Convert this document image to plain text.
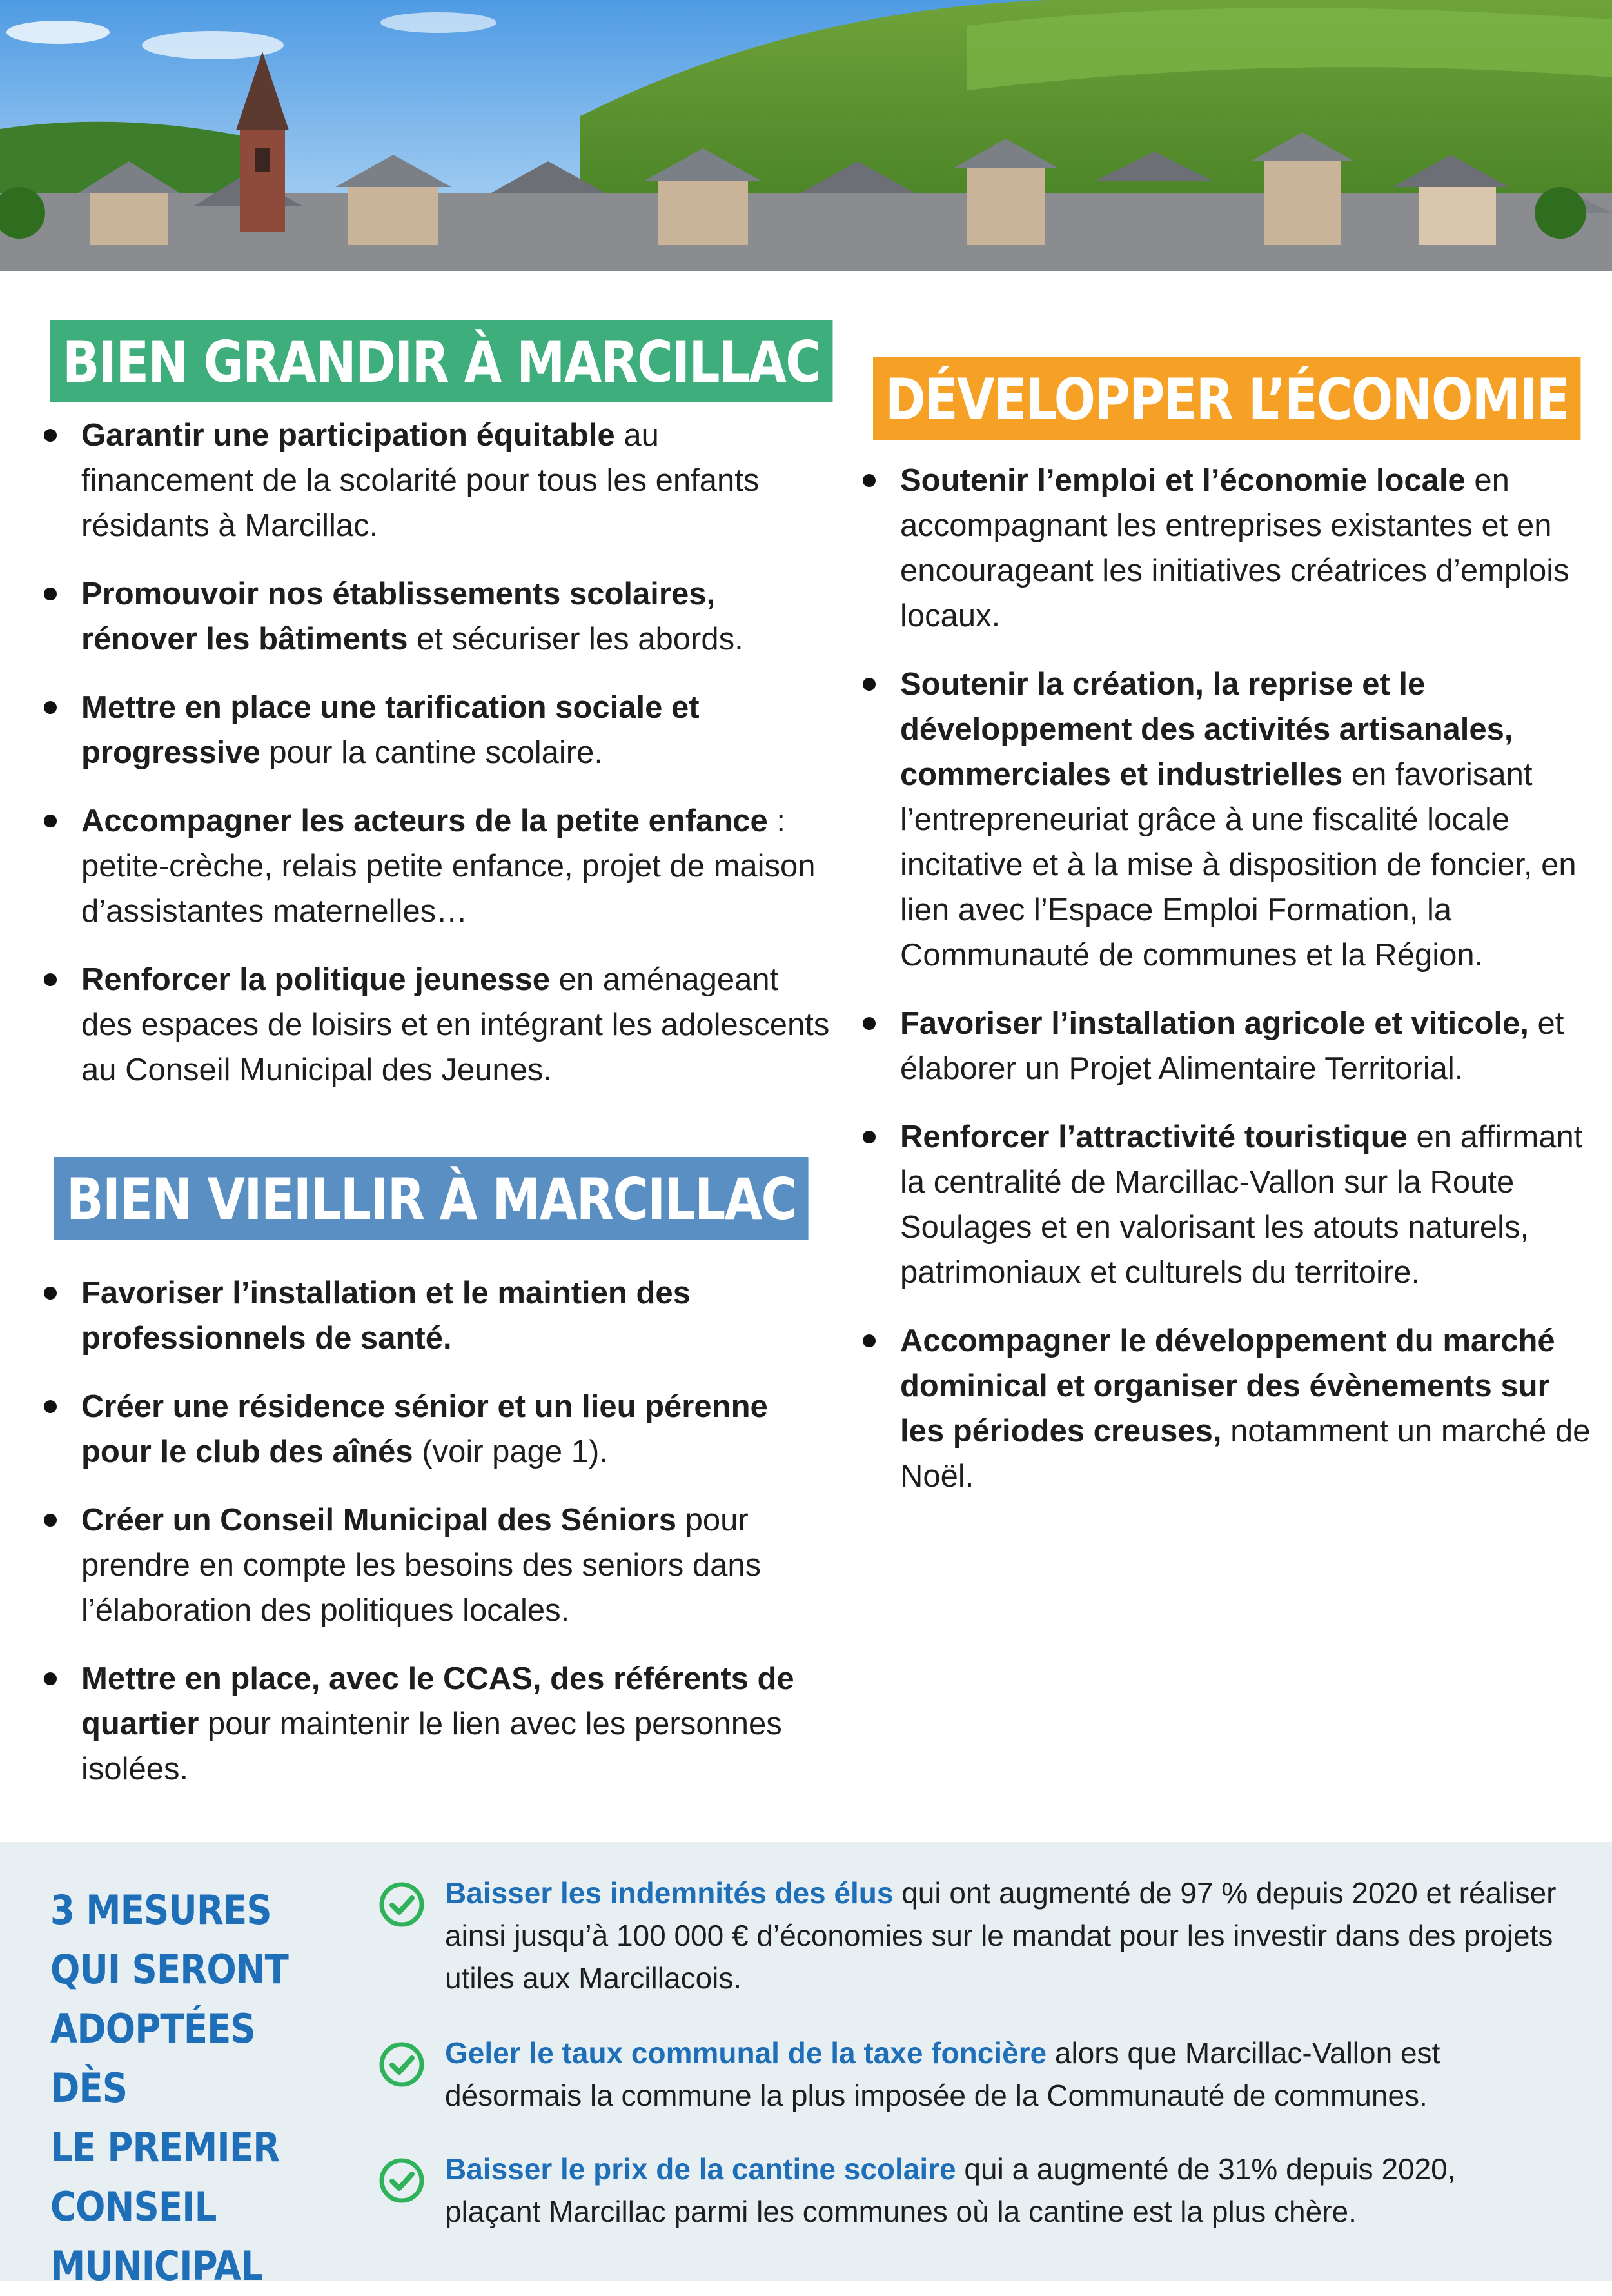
BIEN GRANDIR À MARCILLAC
Garantir une participation équitable au financement de la scolarité pour tous les enfants résidants à Marcillac.
Promouvoir nos établissements scolaires, rénover les bâtiments et sécuriser les abords.
Mettre en place une tarification sociale et progressive pour la cantine scolaire.
Accompagner les acteurs de la petite enfance : petite-crèche, relais petite enfance, projet de maison d’assistantes maternelles…
Renforcer la politique jeunesse en aménageant des espaces de loisirs et en intégrant les adolescents au Conseil Municipal des Jeunes.
BIEN VIEILLIR À MARCILLAC
Favoriser l’installation et le maintien des professionnels de santé.
Créer une résidence sénior et un lieu pérenne pour le club des aînés (voir page 1).
Créer un Conseil Municipal des Séniors pour prendre en compte les besoins des seniors dans l’élaboration des politiques locales.
Mettre en place, avec le CCAS, des référents de quartier pour maintenir le lien avec les personnes isolées.
DÉVELOPPER L’ÉCONOMIE
Soutenir l’emploi et l’économie locale en accompagnant les entreprises existantes et en encourageant les initiatives créatrices d’emplois locaux.
Soutenir la création, la reprise et le développement des activités artisanales, commerciales et industrielles en favorisant l’entrepreneuriat grâce à une fiscalité locale incitative et à la mise à disposition de foncier, en lien avec l’Espace Emploi Formation, la Communauté de communes et la Région.
Favoriser l’installation agricole et viticole, et élaborer un Projet Alimentaire Territorial.
Renforcer l’attractivité touristique en affirmant la centralité de Marcillac-Vallon sur la Route Soulages et en valorisant les atouts naturels, patrimoniaux et culturels du territoire.
Accompagner le développement du marché dominical et organiser des évènements sur les périodes creuses, notamment un marché de Noël.
3 MESURES
QUI SERONT
ADOPTÉES DÈS
LE PREMIER
CONSEIL
MUNICIPAL
Baisser les indemnités des élus qui ont augmenté de 97 % depuis 2020 et réaliser ainsi jusqu’à 100 000 € d’économies sur le mandat pour les investir dans des projets utiles aux Marcillacois.
Geler le taux communal de la taxe foncière alors que Marcillac-Vallon est désormais la commune la plus imposée de la Communauté de communes.
Baisser le prix de la cantine scolaire qui a augmenté de 31% depuis 2020, plaçant Marcillac parmi les communes où la cantine est la plus chère.
